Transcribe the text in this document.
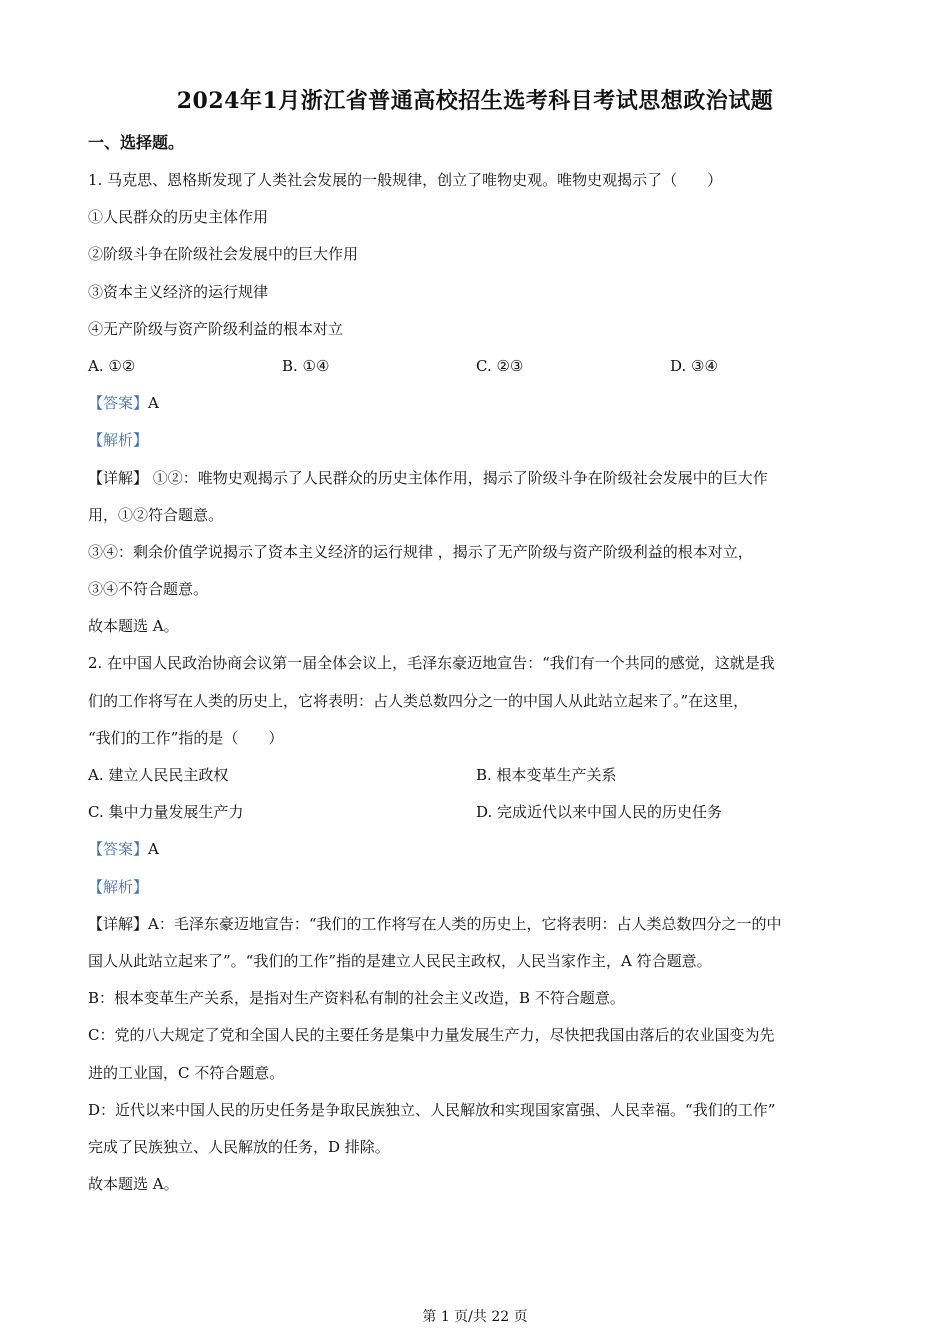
2024年1月浙江省普通高校招生选考科目考试思想政治试题
一、选择题。
1. 马克思、恩格斯发现了人类社会发展的一般规律，创立了唯物史观。唯物史观揭示了（　　）
①人民群众的历史主体作用
②阶级斗争在阶级社会发展中的巨大作用
③资本主义经济的运行规律
④无产阶级与资产阶级利益的根本对立
A. ①②	B. ①④	C. ②③	D. ③④
【答案】A
【解析】
【详解】 ①②：唯物史观揭示了人民群众的历史主体作用，揭示了阶级斗争在阶级社会发展中的巨大作
用，①②符合题意。
③④：剩余价值学说揭示了资本主义经济的运行规律 ，揭示了无产阶级与资产阶级利益的根本对立，
③④不符合题意。
故本题选 A。
2. 在中国人民政治协商会议第一届全体会议上，毛泽东豪迈地宣告：“我们有一个共同的感觉，这就是我
们的工作将写在人类的历史上，它将表明：占人类总数四分之一的中国人从此站立起来了。”在这里，
“我们的工作”指的是（　　）
A. 建立人民民主政权	B. 根本变革生产关系
C. 集中力量发展生产力	D. 完成近代以来中国人民的历史任务
【答案】A
【解析】
【详解】A：毛泽东豪迈地宣告：“我们的工作将写在人类的历史上，它将表明：占人类总数四分之一的中
国人从此站立起来了”。“我们的工作”指的是建立人民民主政权，人民当家作主，A 符合题意。
B：根本变革生产关系，是指对生产资料私有制的社会主义改造，B 不符合题意。
C：党的八大规定了党和全国人民的主要任务是集中力量发展生产力，尽快把我国由落后的农业国变为先
进的工业国，C 不符合题意。
D：近代以来中国人民的历史任务是争取民族独立、人民解放和实现国家富强、人民幸福。“我们的工作”
完成了民族独立、人民解放的任务，D 排除。
故本题选 A。
第 1 页/共 22 页
